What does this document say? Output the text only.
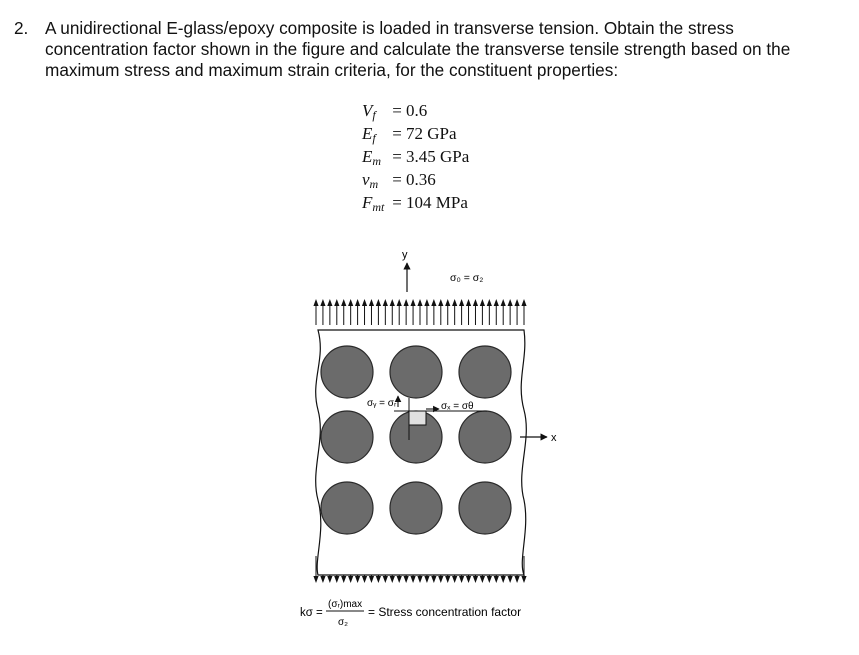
2. A unidirectional E-glass/epoxy composite is loaded in transverse tension. Obtain the stress concentration factor shown in the figure and calculate the transverse tensile strength based on the maximum stress and maximum strain criteria, for the constituent properties:

$V_f = 0.6$
$E_f = 72$ GPa
$E_m = 3.45$ GPa
$\nu_m = 0.36$
$F_{mt} = 104$ MPa
y
σ₀ = σ₂
σᵧ = σᵣ	σₓ = σθ
x
kσ =
(σᵣ)max
σ₂
= Stress concentration factor
